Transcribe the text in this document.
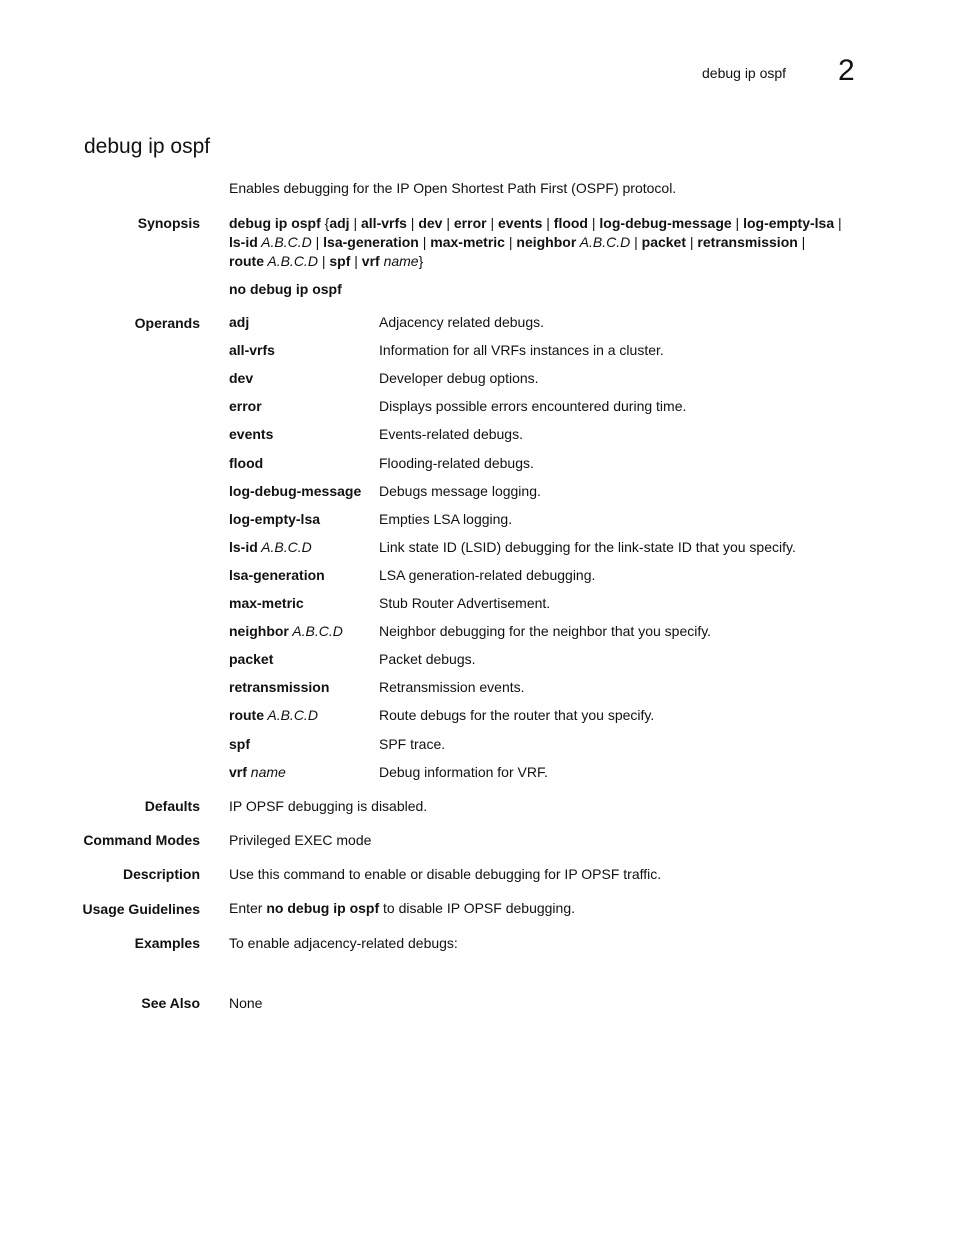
debug ip ospf 2
debug ip ospf
Enables debugging for the IP Open Shortest Path First (OSPF) protocol.
Synopsis debug ip ospf {adj | all-vrfs | dev | error | events | flood | log-debug-message | log-empty-lsa |
ls-id A.B.C.D | lsa-generation | max-metric | neighbor A.B.C.D | packet | retransmission |
route A.B.C.D | spf | vrf name}
no debug ip ospf
Operands adj	Adjacency related debugs.
all-vrfs	Information for all VRFs instances in a cluster.
dev	Developer debug options.
error	Displays possible errors encountered during time.
events	Events-related debugs.
flood	Flooding-related debugs.
log-debug-message Debugs message logging.
log-empty-lsa	Empties LSA logging.
ls-id A.B.C.D	Link state ID (LSID) debugging for the link-state ID that you specify.
lsa-generation	LSA generation-related debugging.
max-metric	Stub Router Advertisement.
neighbor A.B.C.D	Neighbor debugging for the neighbor that you specify.
packet	Packet debugs.
retransmission	Retransmission events.
route A.B.C.D	Route debugs for the router that you specify.
spf	SPF trace.
vrf name	Debug information for VRF.
Defaults IP OPSF debugging is disabled.
Command Modes Privileged EXEC mode
Description Use this command to enable or disable debugging for IP OPSF traffic.
Usage Guidelines Enter no debug ip ospf to disable IP OPSF debugging.
Examples To enable adjacency-related debugs:
See Also None
